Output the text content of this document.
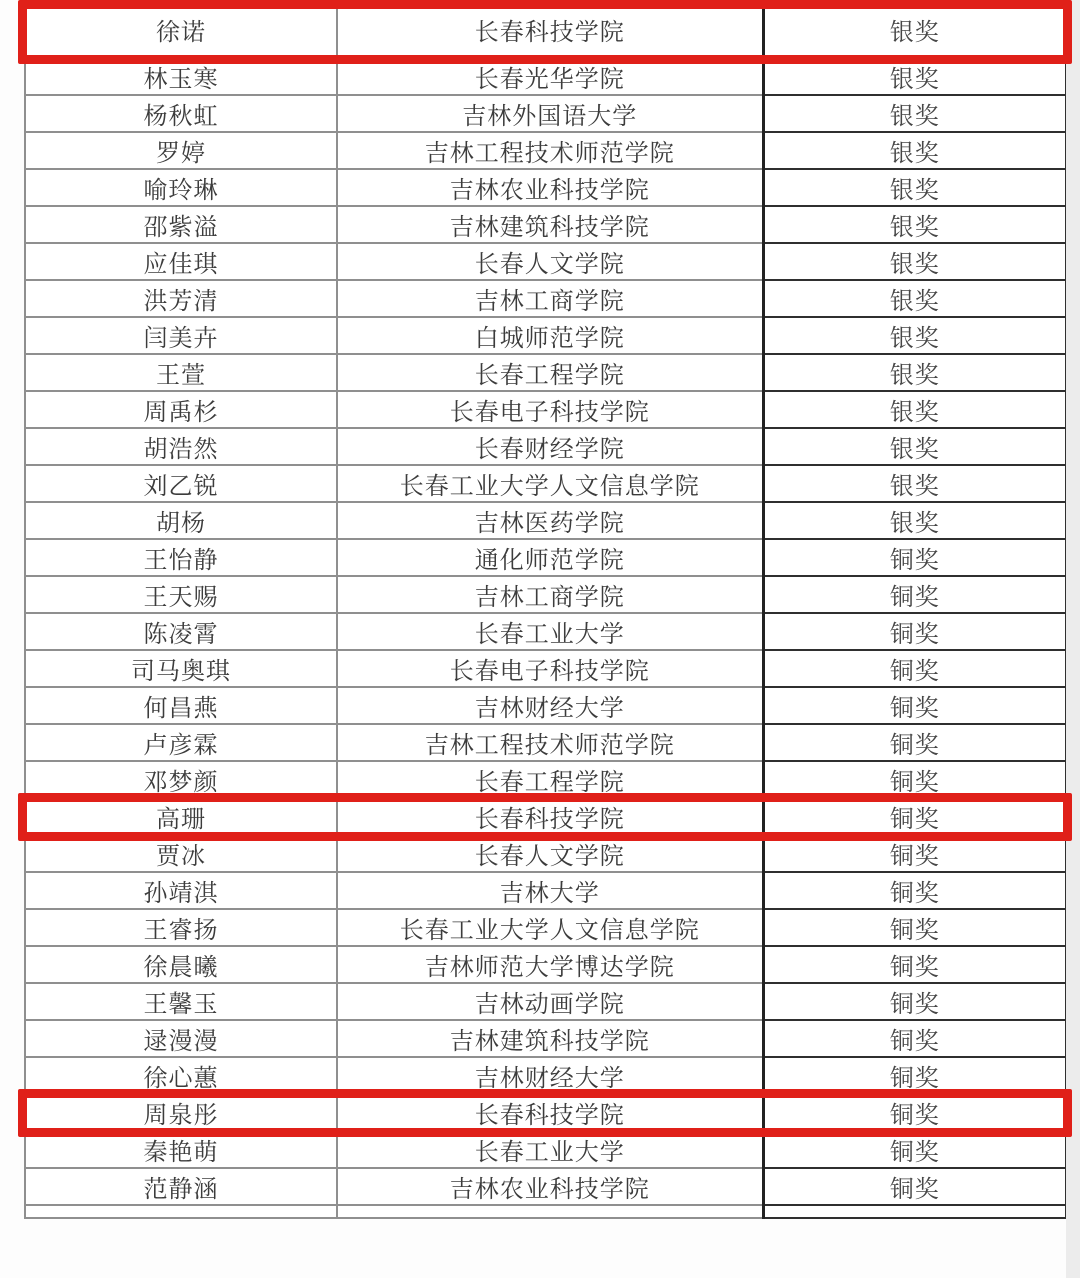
徐诺	长春科技学院	银奖
林玉寒	长春光华学院	银奖
杨秋虹	吉林外国语大学	银奖
罗婷	吉林工程技术师范学院	银奖
喻玲琳	吉林农业科技学院	银奖
邵紫溢	吉林建筑科技学院	银奖
应佳琪	长春人文学院	银奖
洪芳清	吉林工商学院	银奖
闫美卉	白城师范学院	银奖
王萱	长春工程学院	银奖
周禹杉	长春电子科技学院	银奖
胡浩然	长春财经学院	银奖
刘乙锐	长春工业大学人文信息学院	银奖
胡杨	吉林医药学院	银奖
王怡静	通化师范学院	铜奖
王天赐	吉林工商学院	铜奖
陈凌霄	长春工业大学	铜奖
司马奥琪	长春电子科技学院	铜奖
何昌燕	吉林财经大学	铜奖
卢彦霖	吉林工程技术师范学院	铜奖
邓梦颜	长春工程学院	铜奖
高珊	长春科技学院	铜奖
贾冰	长春人文学院	铜奖
孙靖淇	吉林大学	铜奖
王睿扬	长春工业大学人文信息学院	铜奖
徐晨曦	吉林师范大学博达学院	铜奖
王馨玉	吉林动画学院	铜奖
逯漫漫	吉林建筑科技学院	铜奖
徐心蕙	吉林财经大学	铜奖
周泉彤	长春科技学院	铜奖
秦艳萌	长春工业大学	铜奖
范静涵	吉林农业科技学院	铜奖
